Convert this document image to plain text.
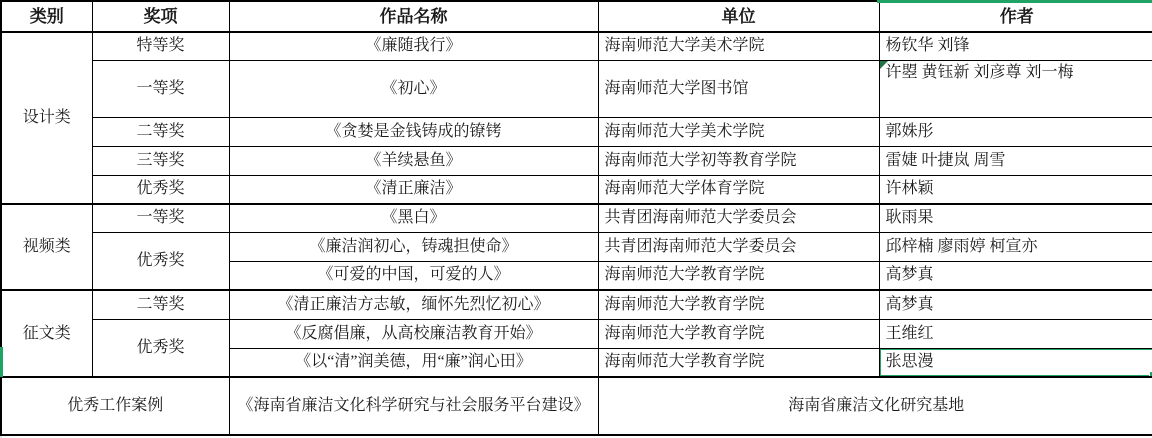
类别	奖项	作品名称	单位	作者
设计类	特等奖	《廉随我行》	海南师范大学美术学院	杨钦华 刘锋
	一等奖	《初心》	海南师范大学图书馆	许曌 黄钰新 刘彦尊 刘一梅
	二等奖	《贪婪是金钱铸成的镣铐	海南师范大学美术学院	郭姝彤
	三等奖	《羊续悬鱼》	海南师范大学初等教育学院	雷婕 叶捷岚 周雪
	优秀奖	《清正廉洁》	海南师范大学体育学院	许林颖
视频类	一等奖	《黑白》	共青团海南师范大学委员会	耿雨果
	优秀奖	《廉洁润初心，铸魂担使命》	共青团海南师范大学委员会	邱梓楠 廖雨婷 柯宣亦
		《可爱的中国，可爱的人》	海南师范大学教育学院	高梦真
征文类	二等奖	《清正廉洁方志敏，缅怀先烈忆初心》	海南师范大学教育学院	高梦真
	优秀奖	《反腐倡廉，从高校廉洁教育开始》	海南师范大学教育学院	王维红
		《以“清”润美德，用“廉”润心田》	海南师范大学教育学院	张思漫

优秀工作案例		《海南省廉洁文化科学研究与社会服务平台建设》	海南省廉洁文化研究基地	
